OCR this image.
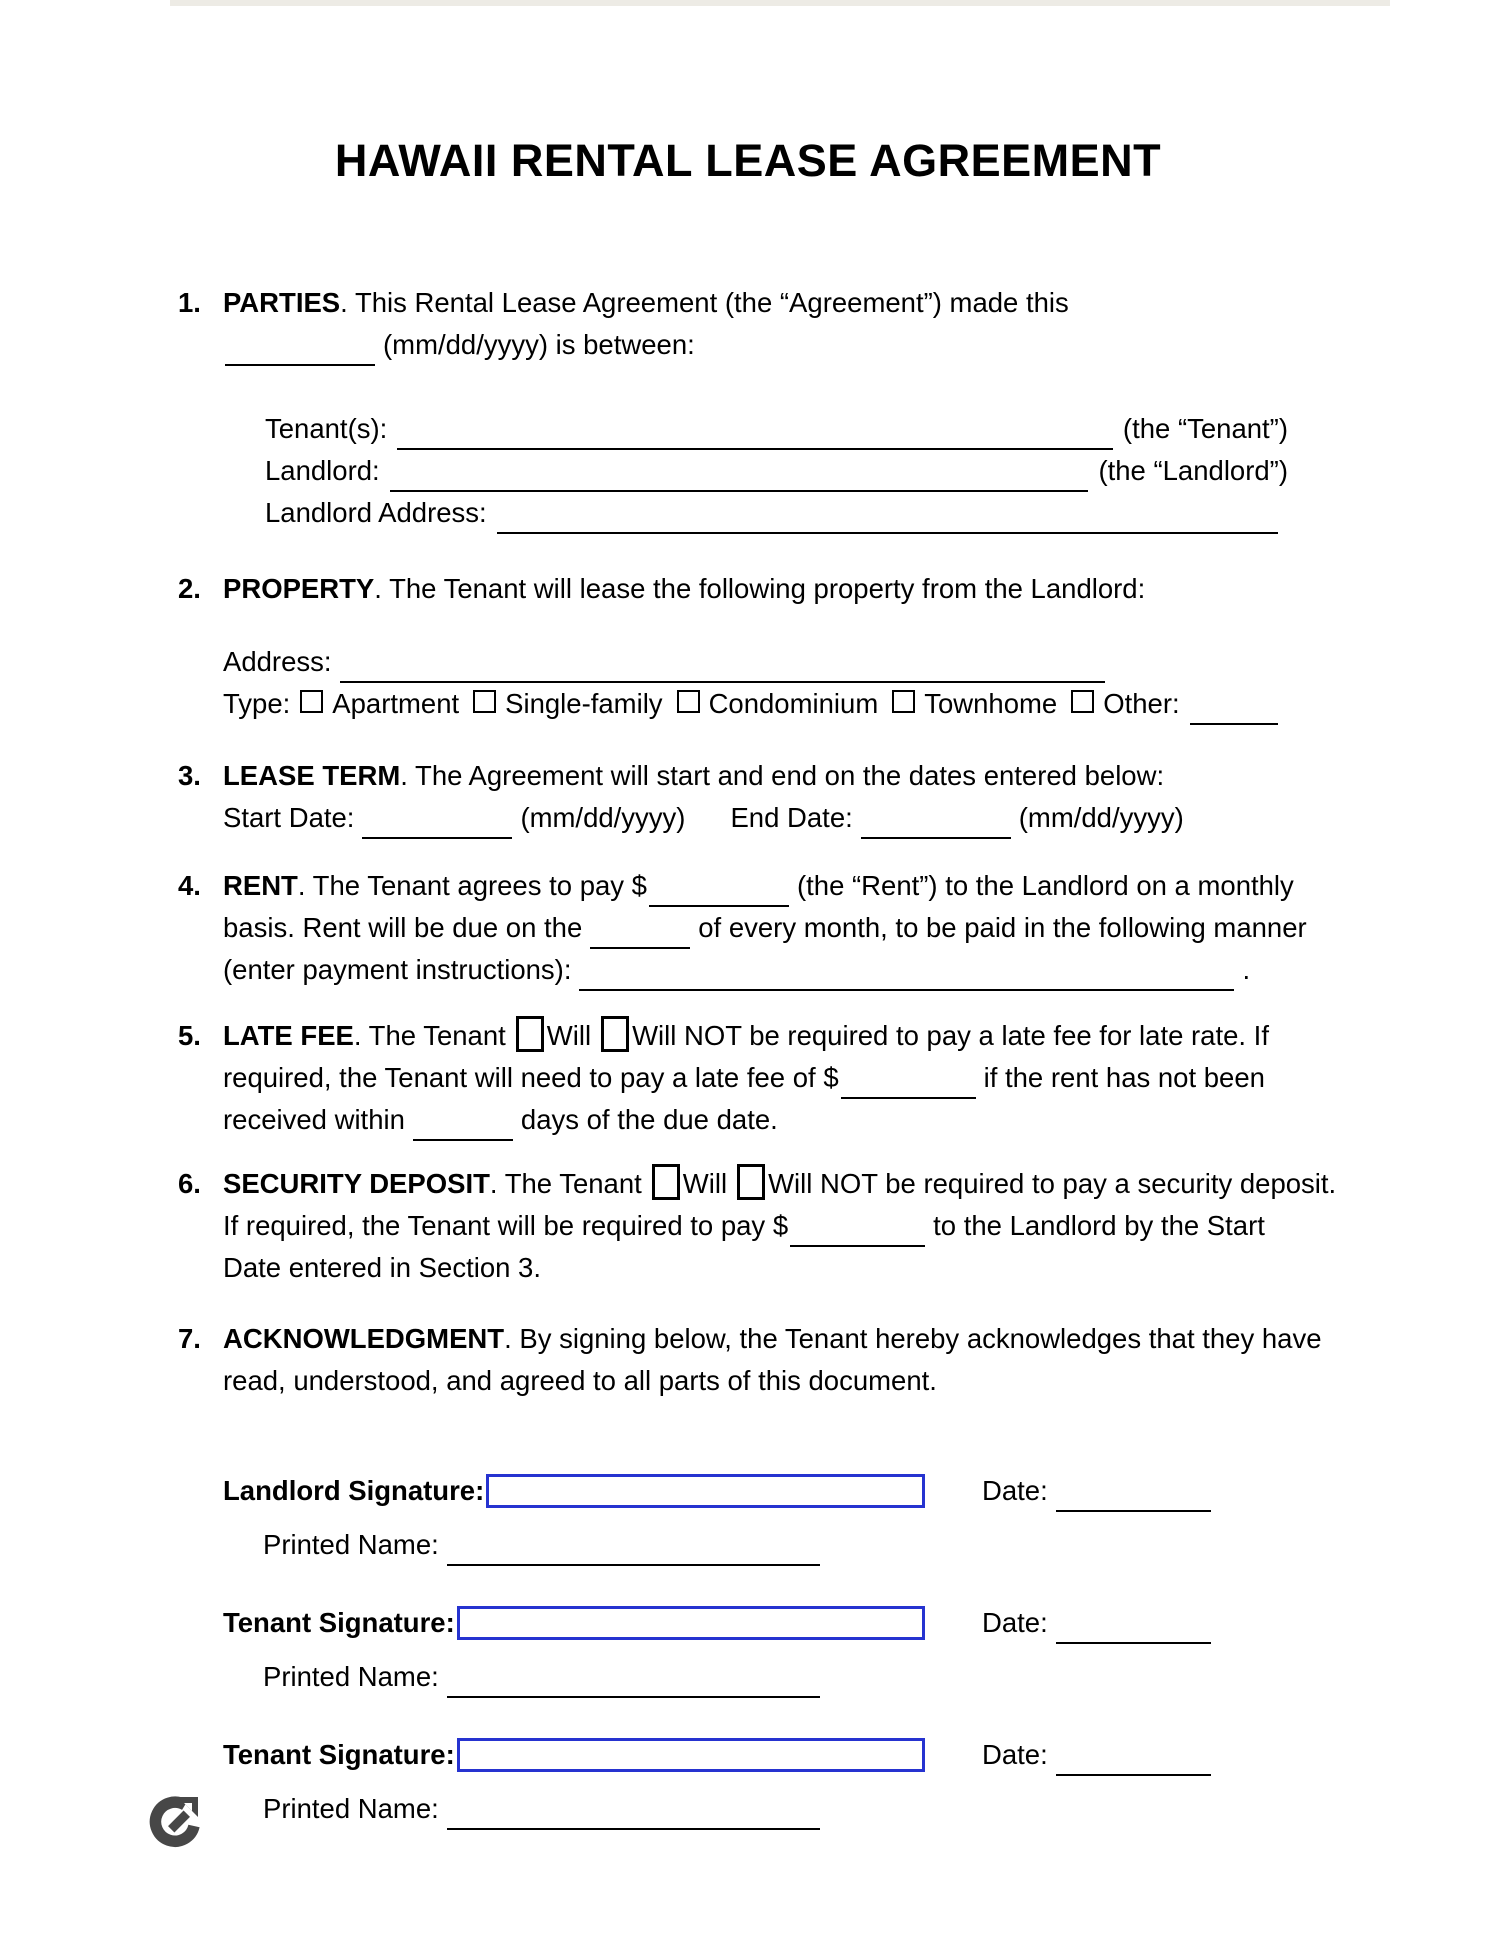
HAWAII RENTAL LEASE AGREEMENT
1. PARTIES. This Rental Lease Agreement (the “Agreement”) made this
(mm/dd/yyyy) is between:
Tenant(s):	(the “Tenant”)
Landlord:	(the “Landlord”)
Landlord Address:
2. PROPERTY. The Tenant will lease the following property from the Landlord:
Address:
Type: Apartment Single-family Condominium Townhome Other:
3. LEASE TERM. The Agreement will start and end on the dates entered below:
Start Date:	(mm/dd/yyyy) End Date:	(mm/dd/yyyy)
4. RENT. The Tenant agrees to pay $	(the “Rent”) to the Landlord on a monthly
basis. Rent will be due on the	of every month, to be paid in the following manner
(enter payment instructions):	.
5. LATE FEE. The Tenant Will Will NOT be required to pay a late fee for late rate. If
required, the Tenant will need to pay a late fee of $	if the rent has not been
received within	days of the due date.
6. SECURITY DEPOSIT. The Tenant Will Will NOT be required to pay a security deposit.
If required, the Tenant will be required to pay $	to the Landlord by the Start
Date entered in Section 3.
7. ACKNOWLEDGMENT. By signing below, the Tenant hereby acknowledges that they have
read, understood, and agreed to all parts of this document.
Landlord Signature:	Date:
Printed Name:
Tenant Signature:	Date:
Printed Name:
Tenant Signature:	Date:
Printed Name:
